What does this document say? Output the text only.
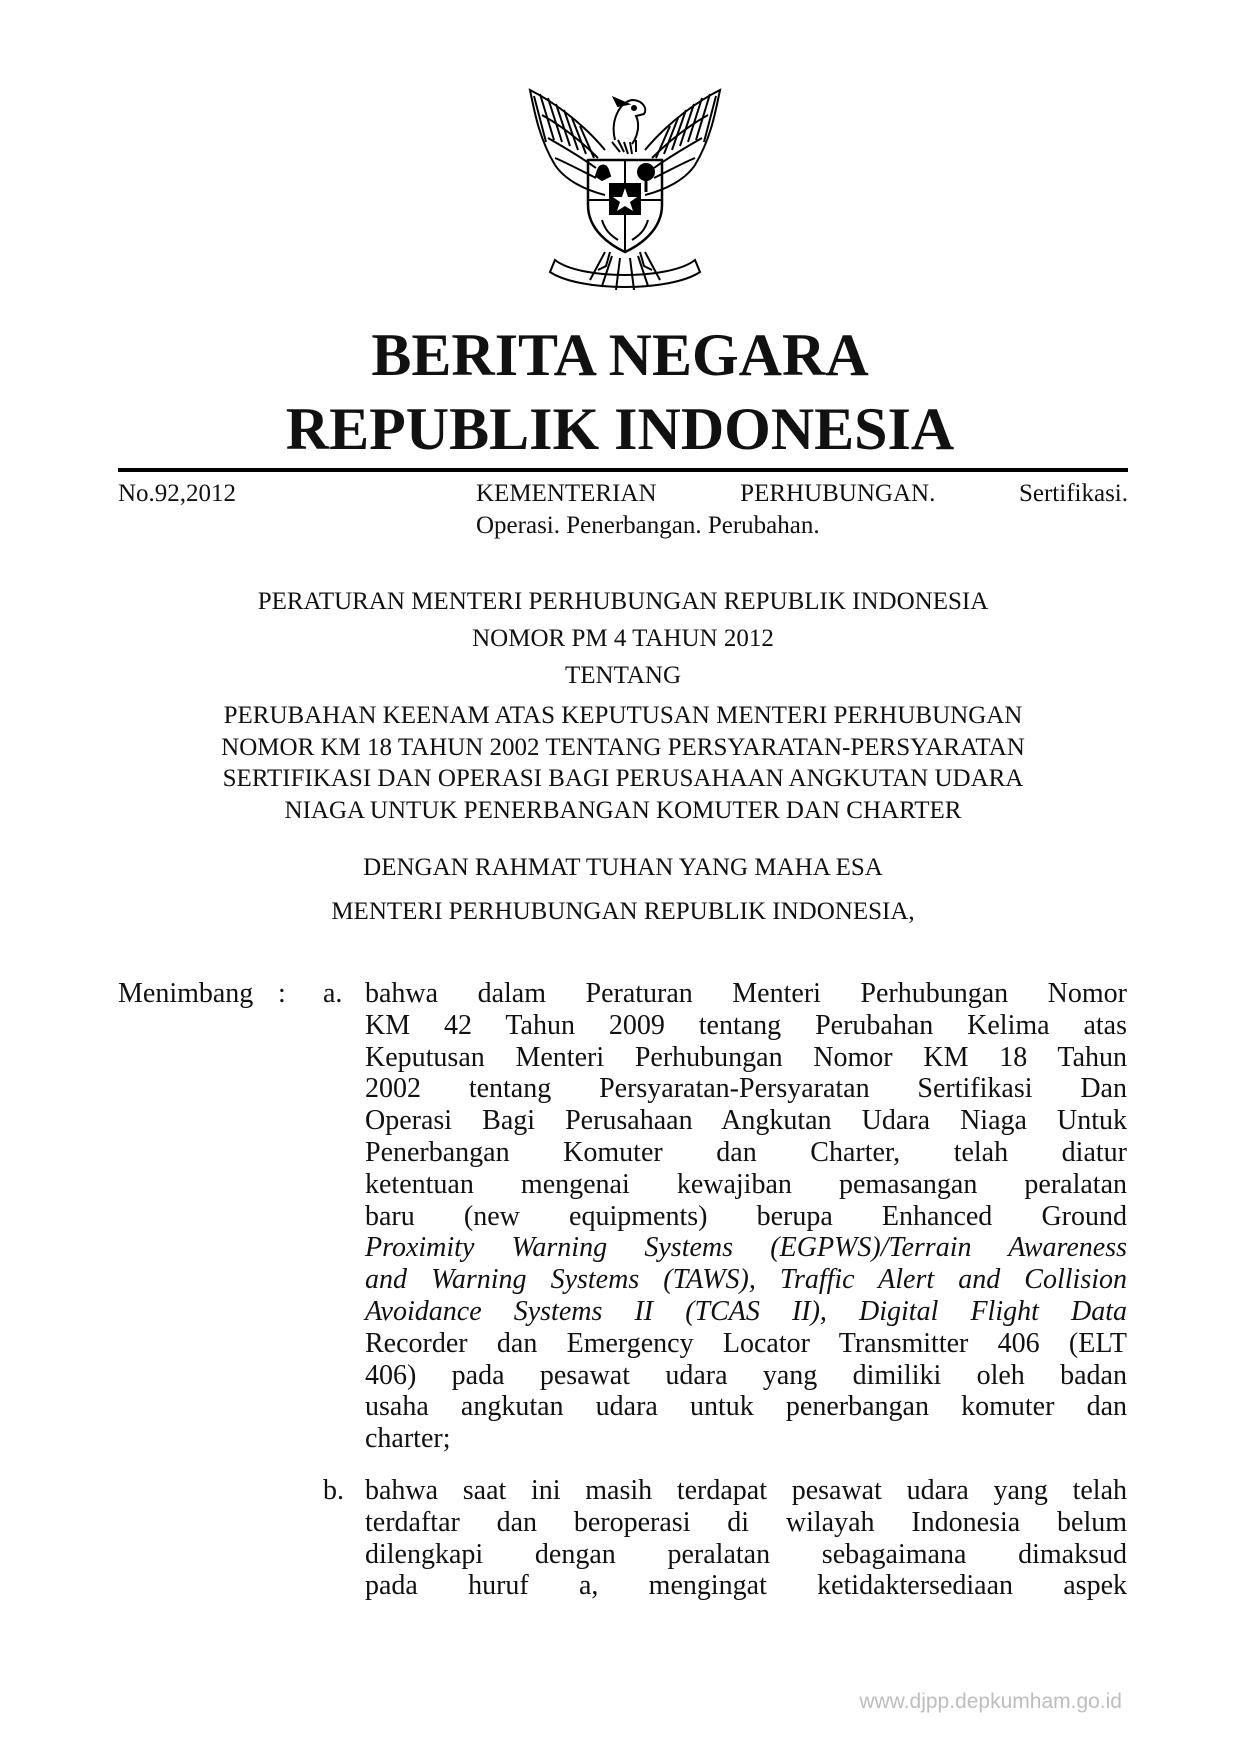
BERITA NEGARA
REPUBLIK INDONESIA
No.92,2012	KEMENTERIAN PERHUBUNGAN. Sertifikasi.
Operasi. Penerbangan. Perubahan.
PERATURAN MENTERI PERHUBUNGAN REPUBLIK INDONESIA
NOMOR PM 4 TAHUN 2012
TENTANG
PERUBAHAN KEENAM ATAS KEPUTUSAN MENTERI PERHUBUNGAN
NOMOR KM 18 TAHUN 2002 TENTANG PERSYARATAN-PERSYARATAN
SERTIFIKASI DAN OPERASI BAGI PERUSAHAAN ANGKUTAN UDARA
NIAGA UNTUK PENERBANGAN KOMUTER DAN CHARTER
DENGAN RAHMAT TUHAN YANG MAHA ESA
MENTERI PERHUBUNGAN REPUBLIK INDONESIA,
Menimbang : a. bahwa dalam Peraturan Menteri Perhubungan Nomor
KM 42 Tahun 2009 tentang Perubahan Kelima atas
Keputusan Menteri Perhubungan Nomor KM 18 Tahun
2002 tentang Persyaratan-Persyaratan Sertifikasi Dan
Operasi Bagi Perusahaan Angkutan Udara Niaga Untuk
Penerbangan Komuter dan Charter, telah diatur
ketentuan mengenai kewajiban pemasangan peralatan
baru (new equipments) berupa Enhanced Ground
Proximity Warning Systems (EGPWS)/Terrain Awareness
and Warning Systems (TAWS), Traffic Alert and Collision
Avoidance Systems II (TCAS II), Digital Flight Data
Recorder dan Emergency Locator Transmitter 406 (ELT
406) pada pesawat udara yang dimiliki oleh badan
usaha angkutan udara untuk penerbangan komuter dan
charter;
b. bahwa saat ini masih terdapat pesawat udara yang telah
terdaftar dan beroperasi di wilayah Indonesia belum
dilengkapi dengan peralatan sebagaimana dimaksud
pada huruf a, mengingat ketidaktersediaan aspek
www.djpp.depkumham.go.id
